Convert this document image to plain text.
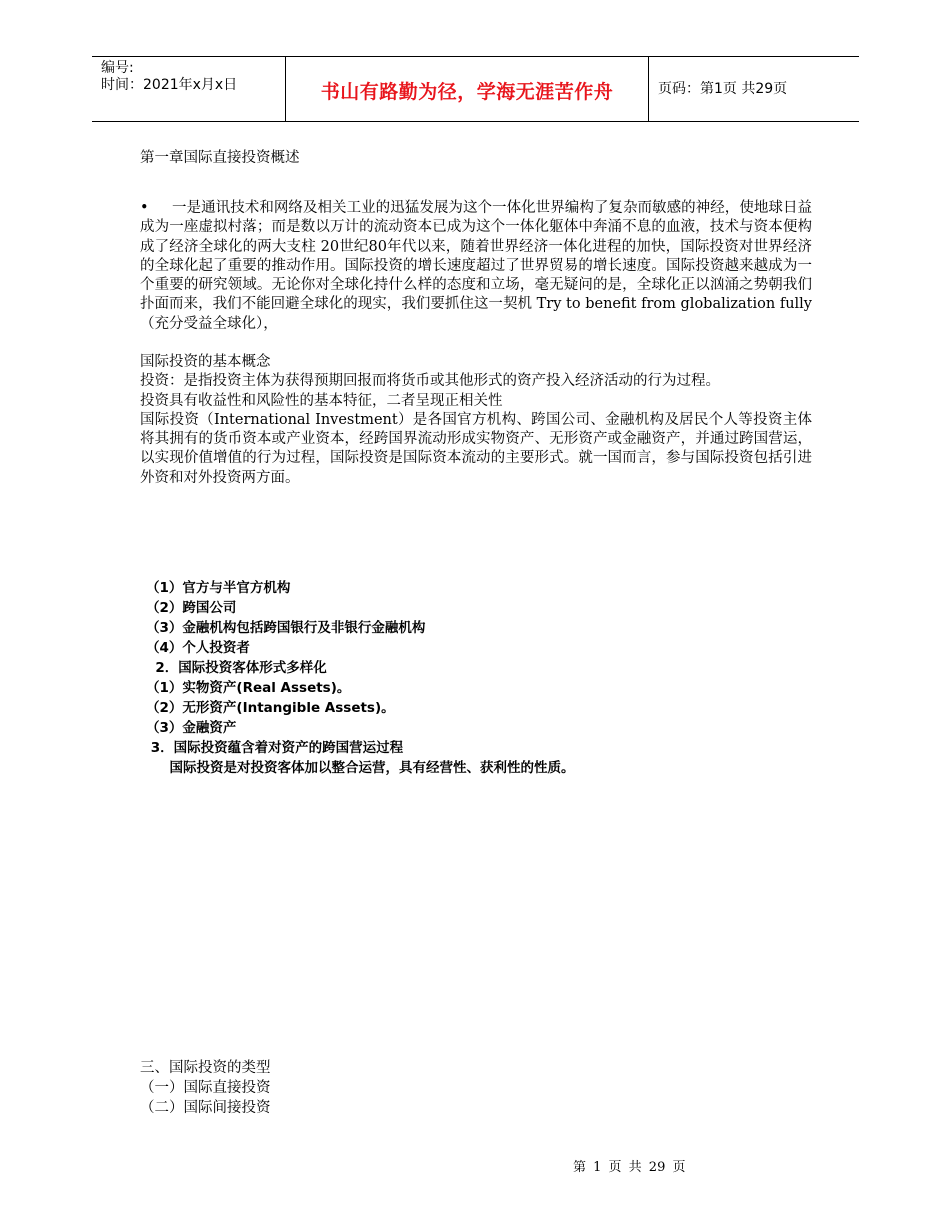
编号:
时间：2021年x月x日	书山有路勤为径，学海无涯苦作舟	页码：第1页 共29页
第一章国际直接投资概述

• 一是通讯技术和网络及相关工业的迅猛发展为这个一体化世界编构了复杂而敏感的神经，使地球日益成为一座虚拟村落；而是数以万计的流动资本已成为这个一体化躯体中奔涌不息的血液，技术与资本便构成了经济全球化的两大支柱 20世纪80年代以来，随着世界经济一体化进程的加快，国际投资对世界经济的全球化起了重要的推动作用。国际投资的增长速度超过了世界贸易的增长速度。国际投资越来越成为一个重要的研究领域。无论你对全球化持什么样的态度和立场，毫无疑问的是，全球化正以汹涌之势朝我们扑面而来，我们不能回避全球化的现实，我们要抓住这一契机 Try to benefit from globalization fully（充分受益全球化），

国际投资的基本概念

投资：是指投资主体为获得预期回报而将货币或其他形式的资产投入经济活动的行为过程。

投资具有收益性和风险性的基本特征，二者呈现正相关性

国际投资（International Investment）是各国官方机构、跨国公司、金融机构及居民个人等投资主体将其拥有的货币资本或产业资本，经跨国界流动形成实物资产、无形资产或金融资产，并通过跨国营运，以实现价值增值的行为过程，国际投资是国际资本流动的主要形式。就一国而言，参与国际投资包括引进外资和对外投资两方面。

（1）官方与半官方机构
（2）跨国公司
（3）金融机构包括跨国银行及非银行金融机构
（4）个人投资者
2．国际投资客体形式多样化
（1）实物资产(Real Assets)。
（2）无形资产(Intangible Assets)。
（3）金融资产
3．国际投资蕴含着对资产的跨国营运过程
国际投资是对投资客体加以整合运营，具有经营性、获利性的性质。
三、国际投资的类型
（一）国际直接投资
（二）国际间接投资
第 1 页 共 29 页
